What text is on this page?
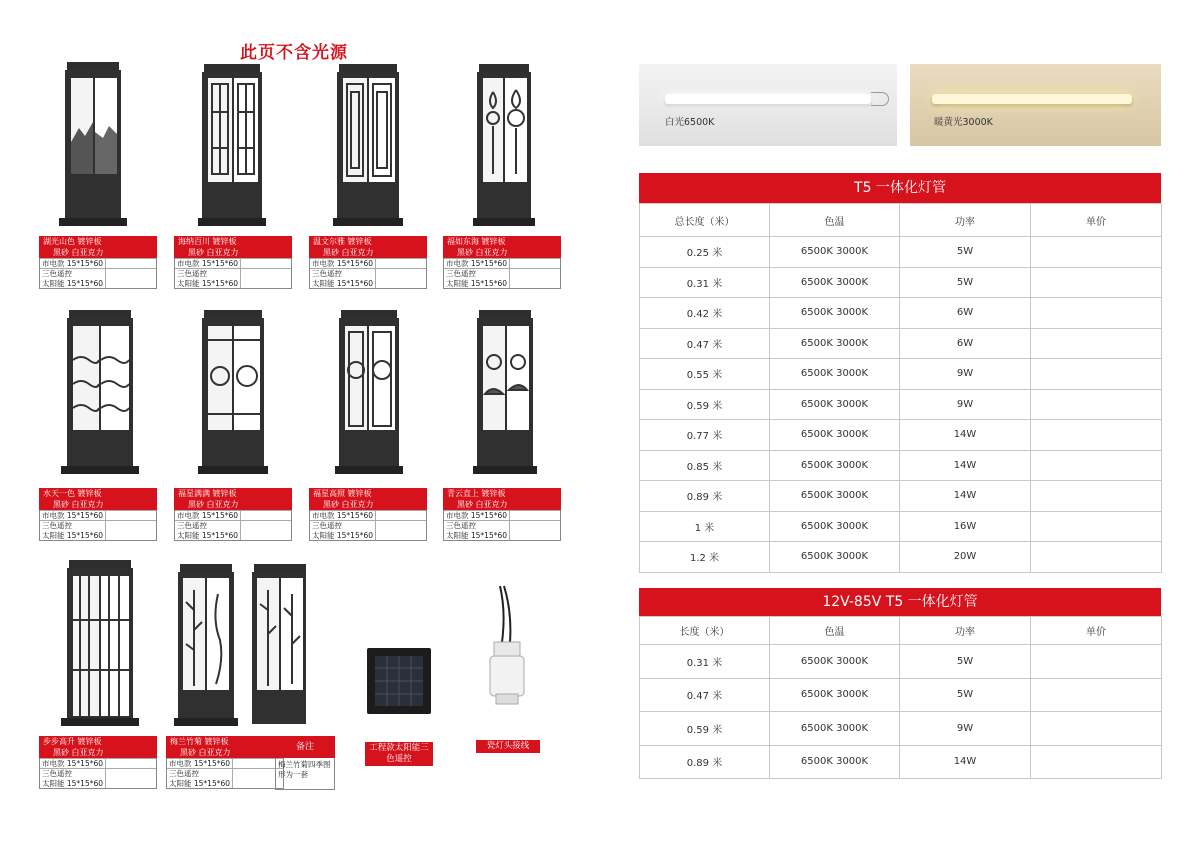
此页不含光源
湖光山色 镀锌板
黑砂 白亚克力
市电款 15*15*60
三色遥控
太阳能 15*15*60
海纳百川 镀锌板
黑砂 白亚克力
市电款 15*15*60
三色遥控
太阳能 15*15*60
温文尔雅 镀锌板
黑砂 白亚克力
市电款 15*15*60
三色遥控
太阳能 15*15*60
福如东海 镀锌板
黑砂 白亚克力
市电款 15*15*60
三色遥控
太阳能 15*15*60
水天一色 镀锌板
黑砂 白亚克力
市电款 15*15*60
三色遥控
太阳能 15*15*60
福星满满 镀锌板
黑砂 白亚克力
市电款 15*15*60
三色遥控
太阳能 15*15*60
福星高照 镀锌板
黑砂 白亚克力
市电款 15*15*60
三色遥控
太阳能 15*15*60
青云直上 镀锌板
黑砂 白亚克力
市电款 15*15*60
三色遥控
太阳能 15*15*60
步步高升 镀锌板
黑砂 白亚克力
市电款 15*15*60
三色遥控
太阳能 15*15*60
梅兰竹菊 镀锌板
黑砂 白亚克力
市电款 15*15*60
三色遥控
太阳能 15*15*60
备注
梅兰竹菊四季图形为一套
工程款太阳能三色遥控
瓷灯头接线
白光6500K	暖黄光3000K
T5 一体化灯管
总长度（米）	色温	功率	单价
0.25 米	6500K 3000K	5W	
0.31 米	6500K 3000K	5W	
0.42 米	6500K 3000K	6W	
0.47 米	6500K 3000K	6W	
0.55 米	6500K 3000K	9W	
0.59 米	6500K 3000K	9W	
0.77 米	6500K 3000K	14W	
0.85 米	6500K 3000K	14W	
0.89 米	6500K 3000K	14W	
1 米	6500K 3000K	16W	
1.2 米	6500K 3000K	20W	
12V-85V T5 一体化灯管
长度（米）	色温	功率	单价
0.31 米	6500K 3000K	5W	
0.47 米	6500K 3000K	5W	
0.59 米	6500K 3000K	9W	
0.89 米	6500K 3000K	14W	
